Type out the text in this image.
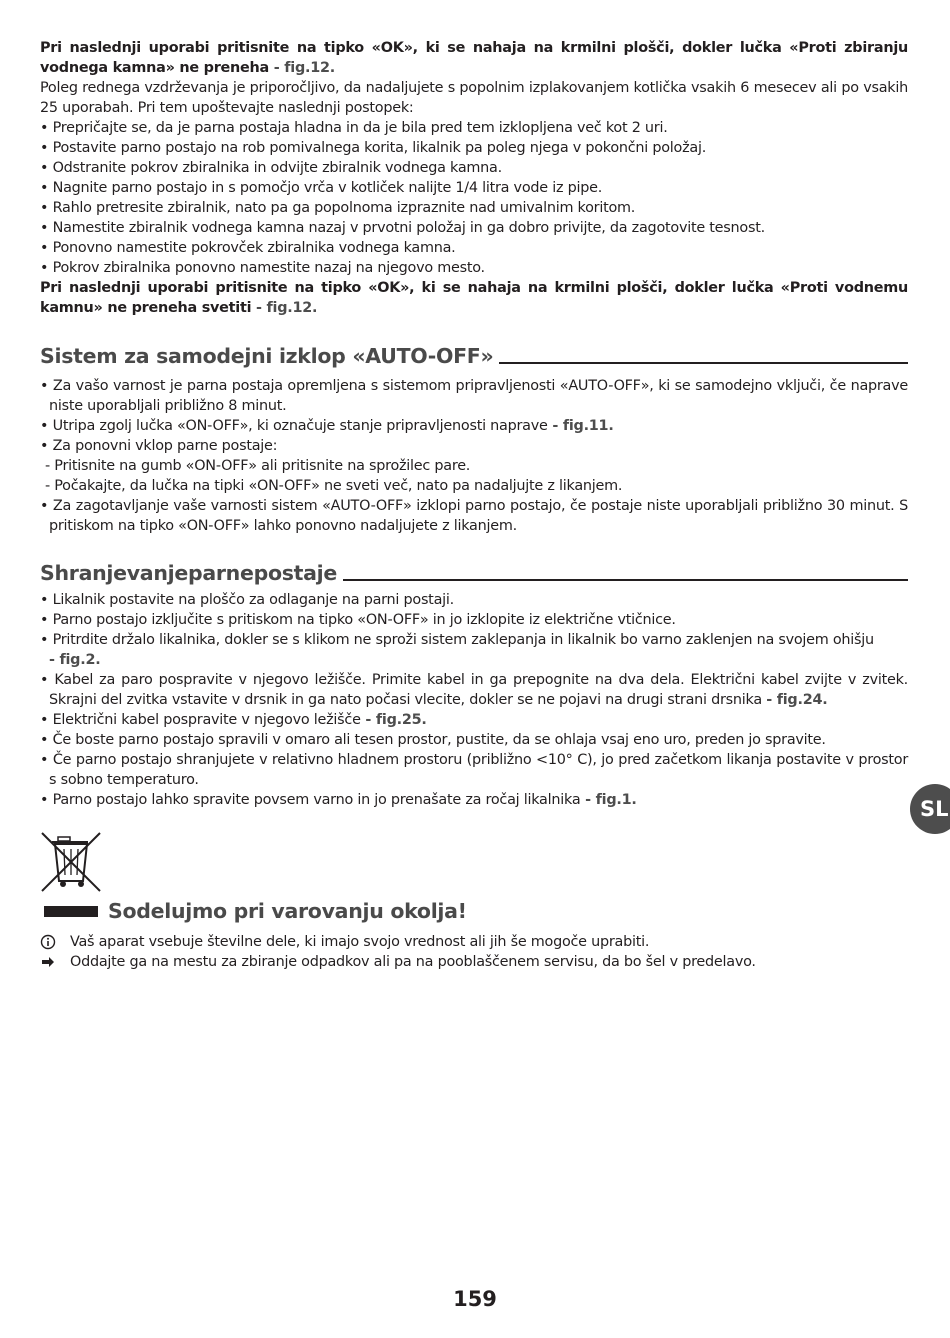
Pri naslednji uporabi pritisnite na tipko «OK», ki se nahaja na krmilni plošči, dokler lučka «Proti zbiranju vodnega kamna» ne preneha - fig.12.

Poleg rednega vzdrževanja je priporočljivo, da nadaljujete s popolnim izplakovanjem kotlička vsakih 6 mesecev ali po vsakih 25 uporabah. Pri tem upoštevajte naslednji postopek:

• Prepričajte se, da je parna postaja hladna in da je bila pred tem izklopljena več kot 2 uri.

• Postavite parno postajo na rob pomivalnega korita, likalnik pa poleg njega v pokončni položaj.

• Odstranite pokrov zbiralnika in odvijte zbiralnik vodnega kamna.

• Nagnite parno postajo in s pomočjo vrča v kotliček nalijte 1/4 litra vode iz pipe.

• Rahlo pretresite zbiralnik, nato pa ga popolnoma izpraznite nad umivalnim koritom.

• Namestite zbiralnik vodnega kamna nazaj v prvotni položaj in ga dobro privijte, da zagotovite tesnost.

• Ponovno namestite pokrovček zbiralnika vodnega kamna.

• Pokrov zbiralnika ponovno namestite nazaj na njegovo mesto.

Pri naslednji uporabi pritisnite na tipko «OK», ki se nahaja na krmilni plošči, dokler lučka «Proti vodnemu kamnu» ne preneha svetiti - fig.12.

Sistem za samodejni izklop «AUTO-OFF»

• Za vašo varnost je parna postaja opremljena s sistemom pripravljenosti «AUTO-OFF», ki se samodejno vključi, če naprave niste uporabljali približno 8 minut.

• Utripa zgolj lučka «ON-OFF», ki označuje stanje pripravljenosti naprave - fig.11.

• Za ponovni vklop parne postaje:

- Pritisnite na gumb «ON-OFF» ali pritisnite na sprožilec pare.

- Počakajte, da lučka na tipki «ON-OFF» ne sveti več, nato pa nadaljujte z likanjem.

• Za zagotavljanje vaše varnosti sistem «AUTO-OFF» izklopi parno postajo, če postaje niste uporabljali približno 30 minut. S pritiskom na tipko «ON-OFF» lahko ponovno nadaljujete z likanjem.

Shranjevanjeparnepostaje

• Likalnik postavite na ploščo za odlaganje na parni postaji.

• Parno postajo izključite s pritiskom na tipko «ON-OFF» in jo izklopite iz električne vtičnice.

• Pritrdite držalo likalnika, dokler se s klikom ne sproži sistem zaklepanja in likalnik bo varno zaklenjen na svojem ohišju
- fig.2.

• Kabel za paro pospravite v njegovo ležišče. Primite kabel in ga prepognite na dva dela. Električni kabel zvijte v zvitek. Skrajni del zvitka vstavite v drsnik in ga nato počasi vlecite, dokler se ne pojavi na drugi strani drsnika - fig.24.

• Električni kabel pospravite v njegovo ležišče - fig.25.

• Če boste parno postajo spravili v omaro ali tesen prostor, pustite, da se ohlaja vsaj eno uro, preden jo spravite.

• Če parno postajo shranjujete v relativno hladnem prostoru (približno <10° C), jo pred začetkom likanja postavite v prostor s sobno temperaturo.

• Parno postajo lahko spravite povsem varno in jo prenašate za ročaj likalnika - fig.1.

Sodelujmo pri varovanju okolja!
Vaš aparat vsebuje številne dele, ki imajo svojo vrednost ali jih še mogoče uprabiti.
Oddajte ga na mestu za zbiranje odpadkov ali pa na pooblaščenem servisu, da bo šel v predelavo.
SL
159
